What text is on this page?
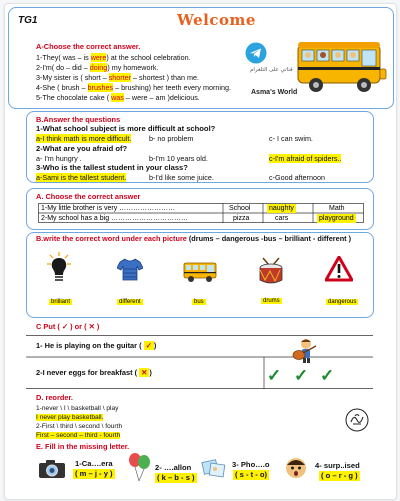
TG1	Welcome
A-Choose the correct answer.
1-They( was – is were) at the school celebration.
2-I'm( do – did – doing) my homework.
3-My sister is ( short – shorter – shortest ) than me.
4-She ( brush – brushes – brushing) her teeth every morning.
5-The chocolate cake ( was – were – am )delicious.
قناتي على التلغرام
Asma's World
B.Answer the questions
1-What school subject is more difficult at school?
a-I think math is more difficult. b- no problem	c- I can swim.
2-What are you afraid of?
a- I'm hungry .	b-I'm 10 years old.	c-I'm afraid of spiders..
3-Who is the tallest student in your class?
a-Sami is the tallest student.	b-I'd like some juice.	c-Good afternoon
A. Choose the correct answer
1-My little brother is very ……………………	School	naughty	Math
2-My school has a big ……………………………	pizza	cars	playground
B.write the correct word under each picture (drums – dangerous -bus – brilliant - different )
brilliant	different	bus	drums	dangerous
C Put ( ✓ ) or ( ✕ )
1- He is playing on the guitar ( ✓ )
2-I never eggs for breakfast ( ✕ )	✓ ✓ ✓
D. reorder.
1-never \ I \ basketball \ play
I never play basketball.
2-First \ third \ second \ fourth
First – second – third - fourth
E. Fill in the missing letter.
1-Ca….era
( m – j - y )
2- ….allon
( k – b - s )
3- Pho….o
( s - t - o)
4- surp..ised
( o – r - g )
